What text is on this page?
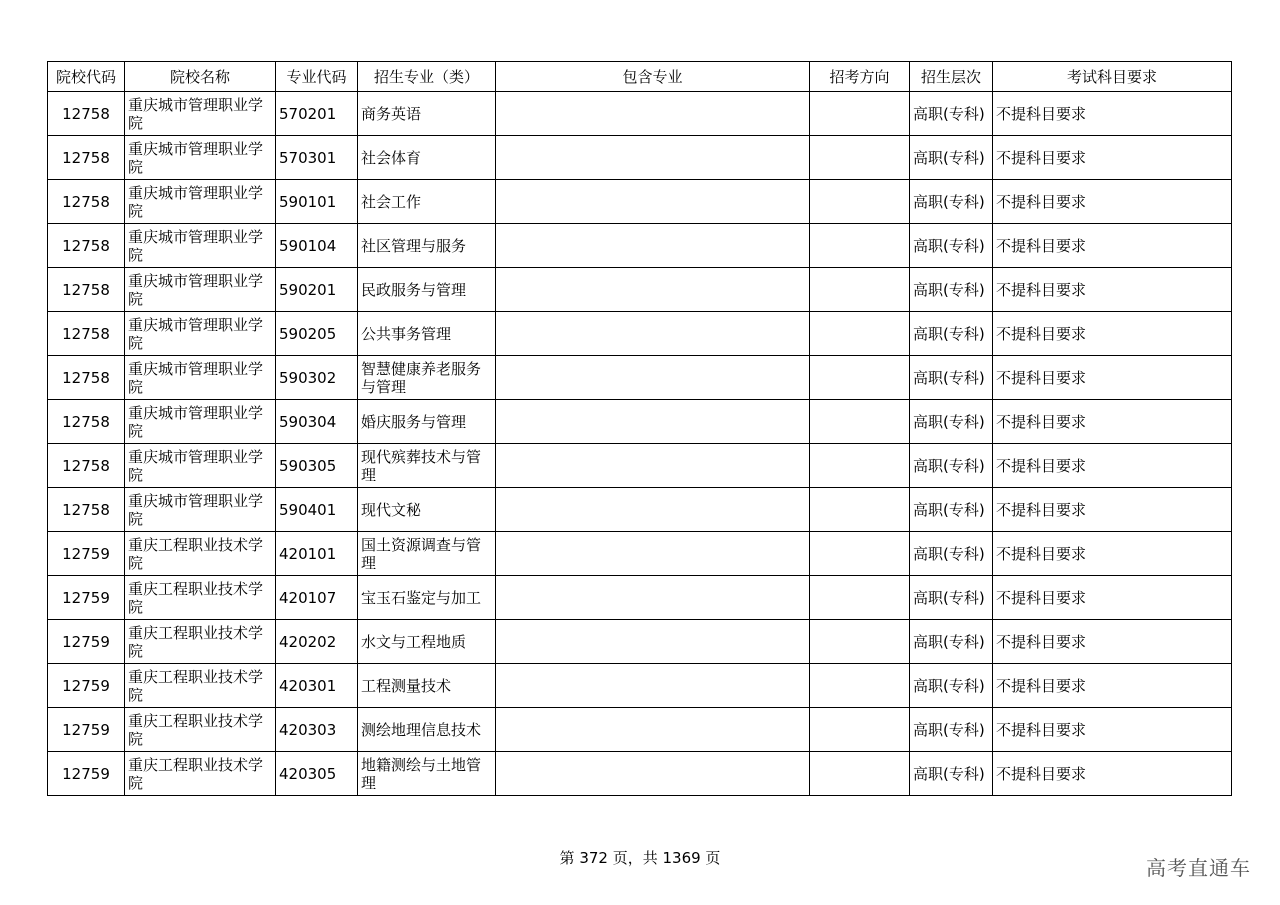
院校代码	院校名称	专业代码	招生专业（类）	包含专业	招考方向	招生层次	考试科目要求
12758	重庆城市管理职业学院	570201	商务英语			高职(专科)	不提科目要求
12758	重庆城市管理职业学院	570301	社会体育			高职(专科)	不提科目要求
12758	重庆城市管理职业学院	590101	社会工作			高职(专科)	不提科目要求
12758	重庆城市管理职业学院	590104	社区管理与服务			高职(专科)	不提科目要求
12758	重庆城市管理职业学院	590201	民政服务与管理			高职(专科)	不提科目要求
12758	重庆城市管理职业学院	590205	公共事务管理			高职(专科)	不提科目要求
12758	重庆城市管理职业学院	590302	智慧健康养老服务与管理			高职(专科)	不提科目要求
12758	重庆城市管理职业学院	590304	婚庆服务与管理			高职(专科)	不提科目要求
12758	重庆城市管理职业学院	590305	现代殡葬技术与管理			高职(专科)	不提科目要求
12758	重庆城市管理职业学院	590401	现代文秘			高职(专科)	不提科目要求
12759	重庆工程职业技术学院	420101	国土资源调查与管理			高职(专科)	不提科目要求
12759	重庆工程职业技术学院	420107	宝玉石鉴定与加工			高职(专科)	不提科目要求
12759	重庆工程职业技术学院	420202	水文与工程地质			高职(专科)	不提科目要求
12759	重庆工程职业技术学院	420301	工程测量技术			高职(专科)	不提科目要求
12759	重庆工程职业技术学院	420303	测绘地理信息技术			高职(专科)	不提科目要求
12759	重庆工程职业技术学院	420305	地籍测绘与土地管理			高职(专科)	不提科目要求
第 372 页，共 1369 页	高考直通车
